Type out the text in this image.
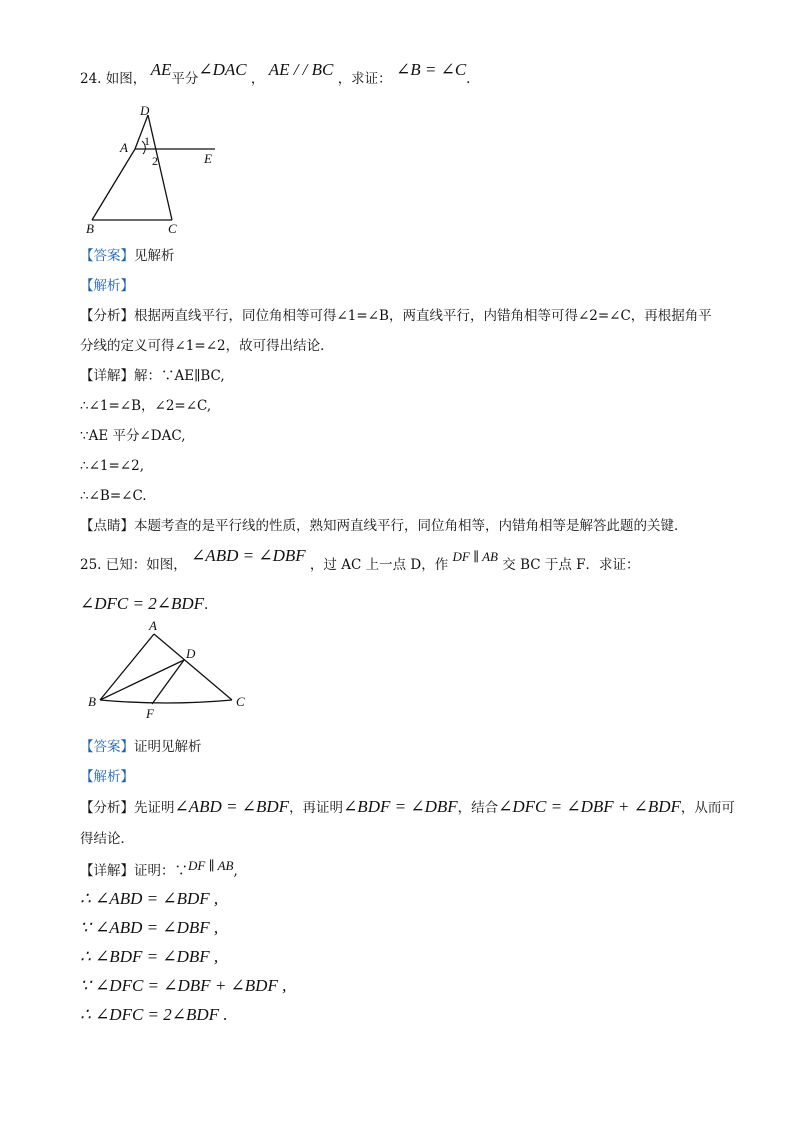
24. 如图， AE平分∠DAC ， AE / / BC ，求证： ∠B = ∠C.
D
A
E
B	C
1
2
【答案】见解析
【解析】
【分析】根据两直线平行，同位角相等可得∠1=∠B，两直线平行，内错角相等可得∠2=∠C，再根据角平
分线的定义可得∠1=∠2，故可得出结论．
【详解】解：∵AE∥BC,
∴∠1=∠B，∠2=∠C,
∵AE 平分∠DAC,
∴∠1=∠2,
∴∠B=∠C.
【点睛】本题考查的是平行线的性质，熟知两直线平行，同位角相等，内错角相等是解答此题的关键．
25. 已知：如图， ∠ABD = ∠DBF ，过 AC 上一点 D，作 DF ∥ AB 交 BC 于点 F．求证：
∠DFC = 2∠BDF.
A
D
B
F
C
【答案】证明见解析
【解析】
【分析】先证明∠ABD = ∠BDF，再证明∠BDF = ∠DBF，结合∠DFC = ∠DBF + ∠BDF，从而可
得结论．
【详解】证明：∵DF ∥ AB,
∴ ∠ABD = ∠BDF ,
∵ ∠ABD = ∠DBF ,
∴ ∠BDF = ∠DBF ,
∵ ∠DFC = ∠DBF + ∠BDF ,
∴ ∠DFC = 2∠BDF .
